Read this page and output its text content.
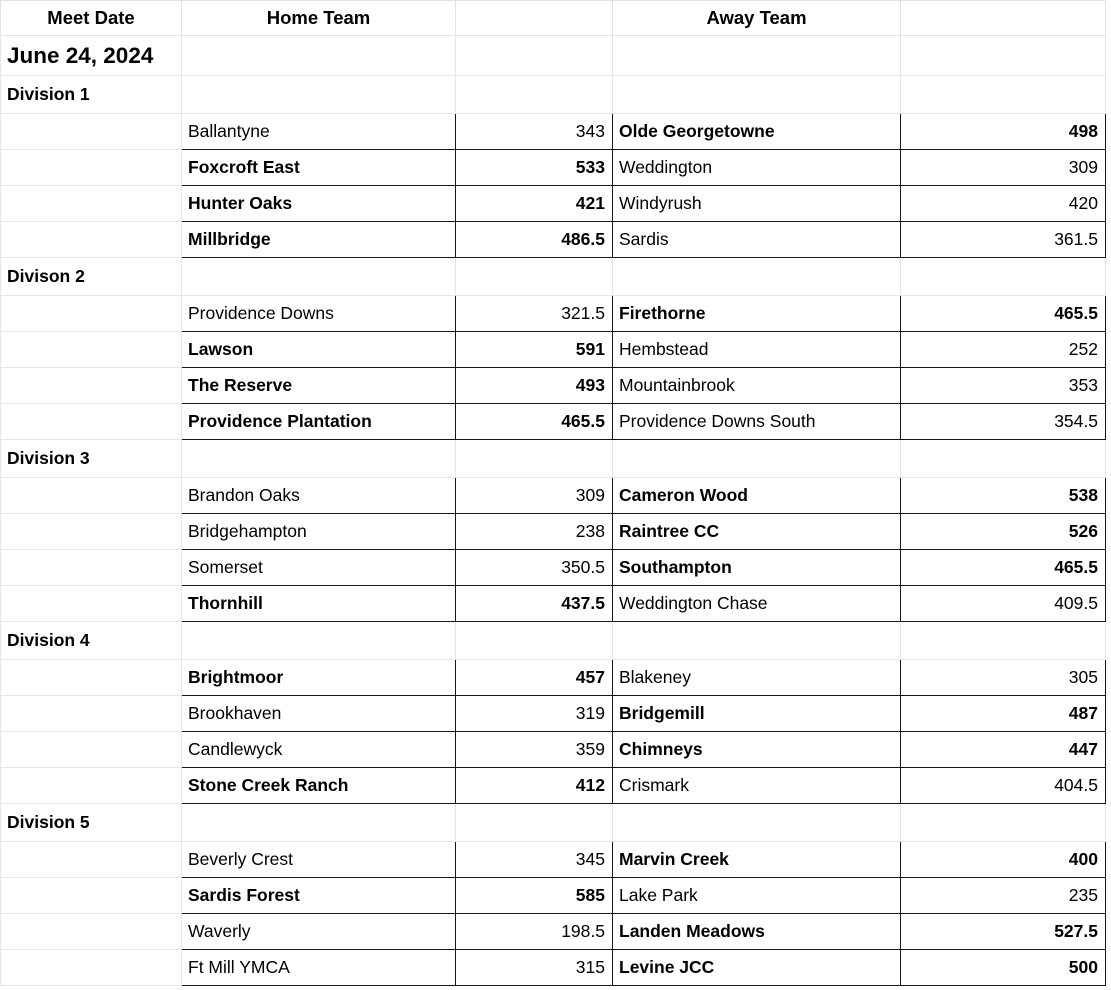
Meet Date	Home Team		Away Team	
June 24, 2024				
Division 1				
	Ballantyne	343	Olde Georgetowne	498
	Foxcroft East	533	Weddington	309
	Hunter Oaks	421	Windyrush	420
	Millbridge	486.5	Sardis	361.5
Divison 2				
	Providence Downs	321.5	Firethorne	465.5
	Lawson	591	Hembstead	252
	The Reserve	493	Mountainbrook	353
	Providence Plantation	465.5	Providence Downs South	354.5
Division 3				
	Brandon Oaks	309	Cameron Wood	538
	Bridgehampton	238	Raintree CC	526
	Somerset	350.5	Southampton	465.5
	Thornhill	437.5	Weddington Chase	409.5
Division 4				
	Brightmoor	457	Blakeney	305
	Brookhaven	319	Bridgemill	487
	Candlewyck	359	Chimneys	447
	Stone Creek Ranch	412	Crismark	404.5
Division 5				
	Beverly Crest	345	Marvin Creek	400
	Sardis Forest	585	Lake Park	235
	Waverly	198.5	Landen Meadows	527.5
	Ft Mill YMCA	315	Levine JCC	500
